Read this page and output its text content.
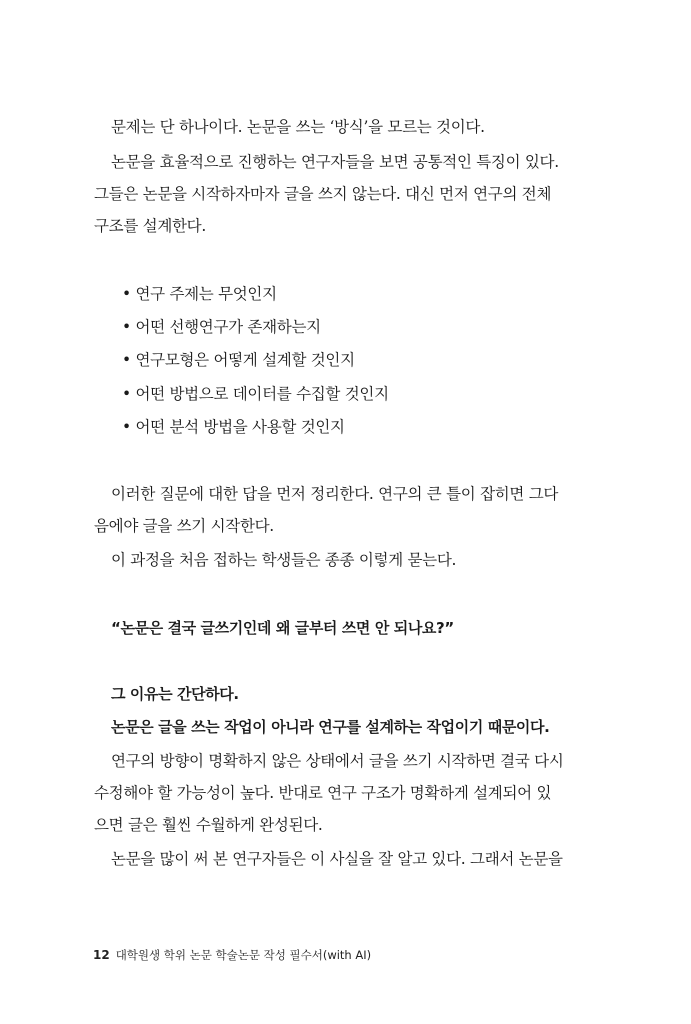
문제는 단 하나이다. 논문을 쓰는 ‘방식’을 모르는 것이다.
논문을 효율적으로 진행하는 연구자들을 보면 공통적인 특징이 있다.
그들은 논문을 시작하자마자 글을 쓰지 않는다. 대신 먼저 연구의 전체
구조를 설계한다.
• 연구 주제는 무엇인지
• 어떤 선행연구가 존재하는지
• 연구모형은 어떻게 설계할 것인지
• 어떤 방법으로 데이터를 수집할 것인지
• 어떤 분석 방법을 사용할 것인지
이러한 질문에 대한 답을 먼저 정리한다. 연구의 큰 틀이 잡히면 그다
음에야 글을 쓰기 시작한다.
이 과정을 처음 접하는 학생들은 종종 이렇게 묻는다.
“논문은 결국 글쓰기인데 왜 글부터 쓰면 안 되나요?”
그 이유는 간단하다.
논문은 글을 쓰는 작업이 아니라 연구를 설계하는 작업이기 때문이다.
연구의 방향이 명확하지 않은 상태에서 글을 쓰기 시작하면 결국 다시
수정해야 할 가능성이 높다. 반대로 연구 구조가 명확하게 설계되어 있
으면 글은 훨씬 수월하게 완성된다.
논문을 많이 써 본 연구자들은 이 사실을 잘 알고 있다. 그래서 논문을
12 대학원생 학위 논문 학술논문 작성 필수서(with AI)
